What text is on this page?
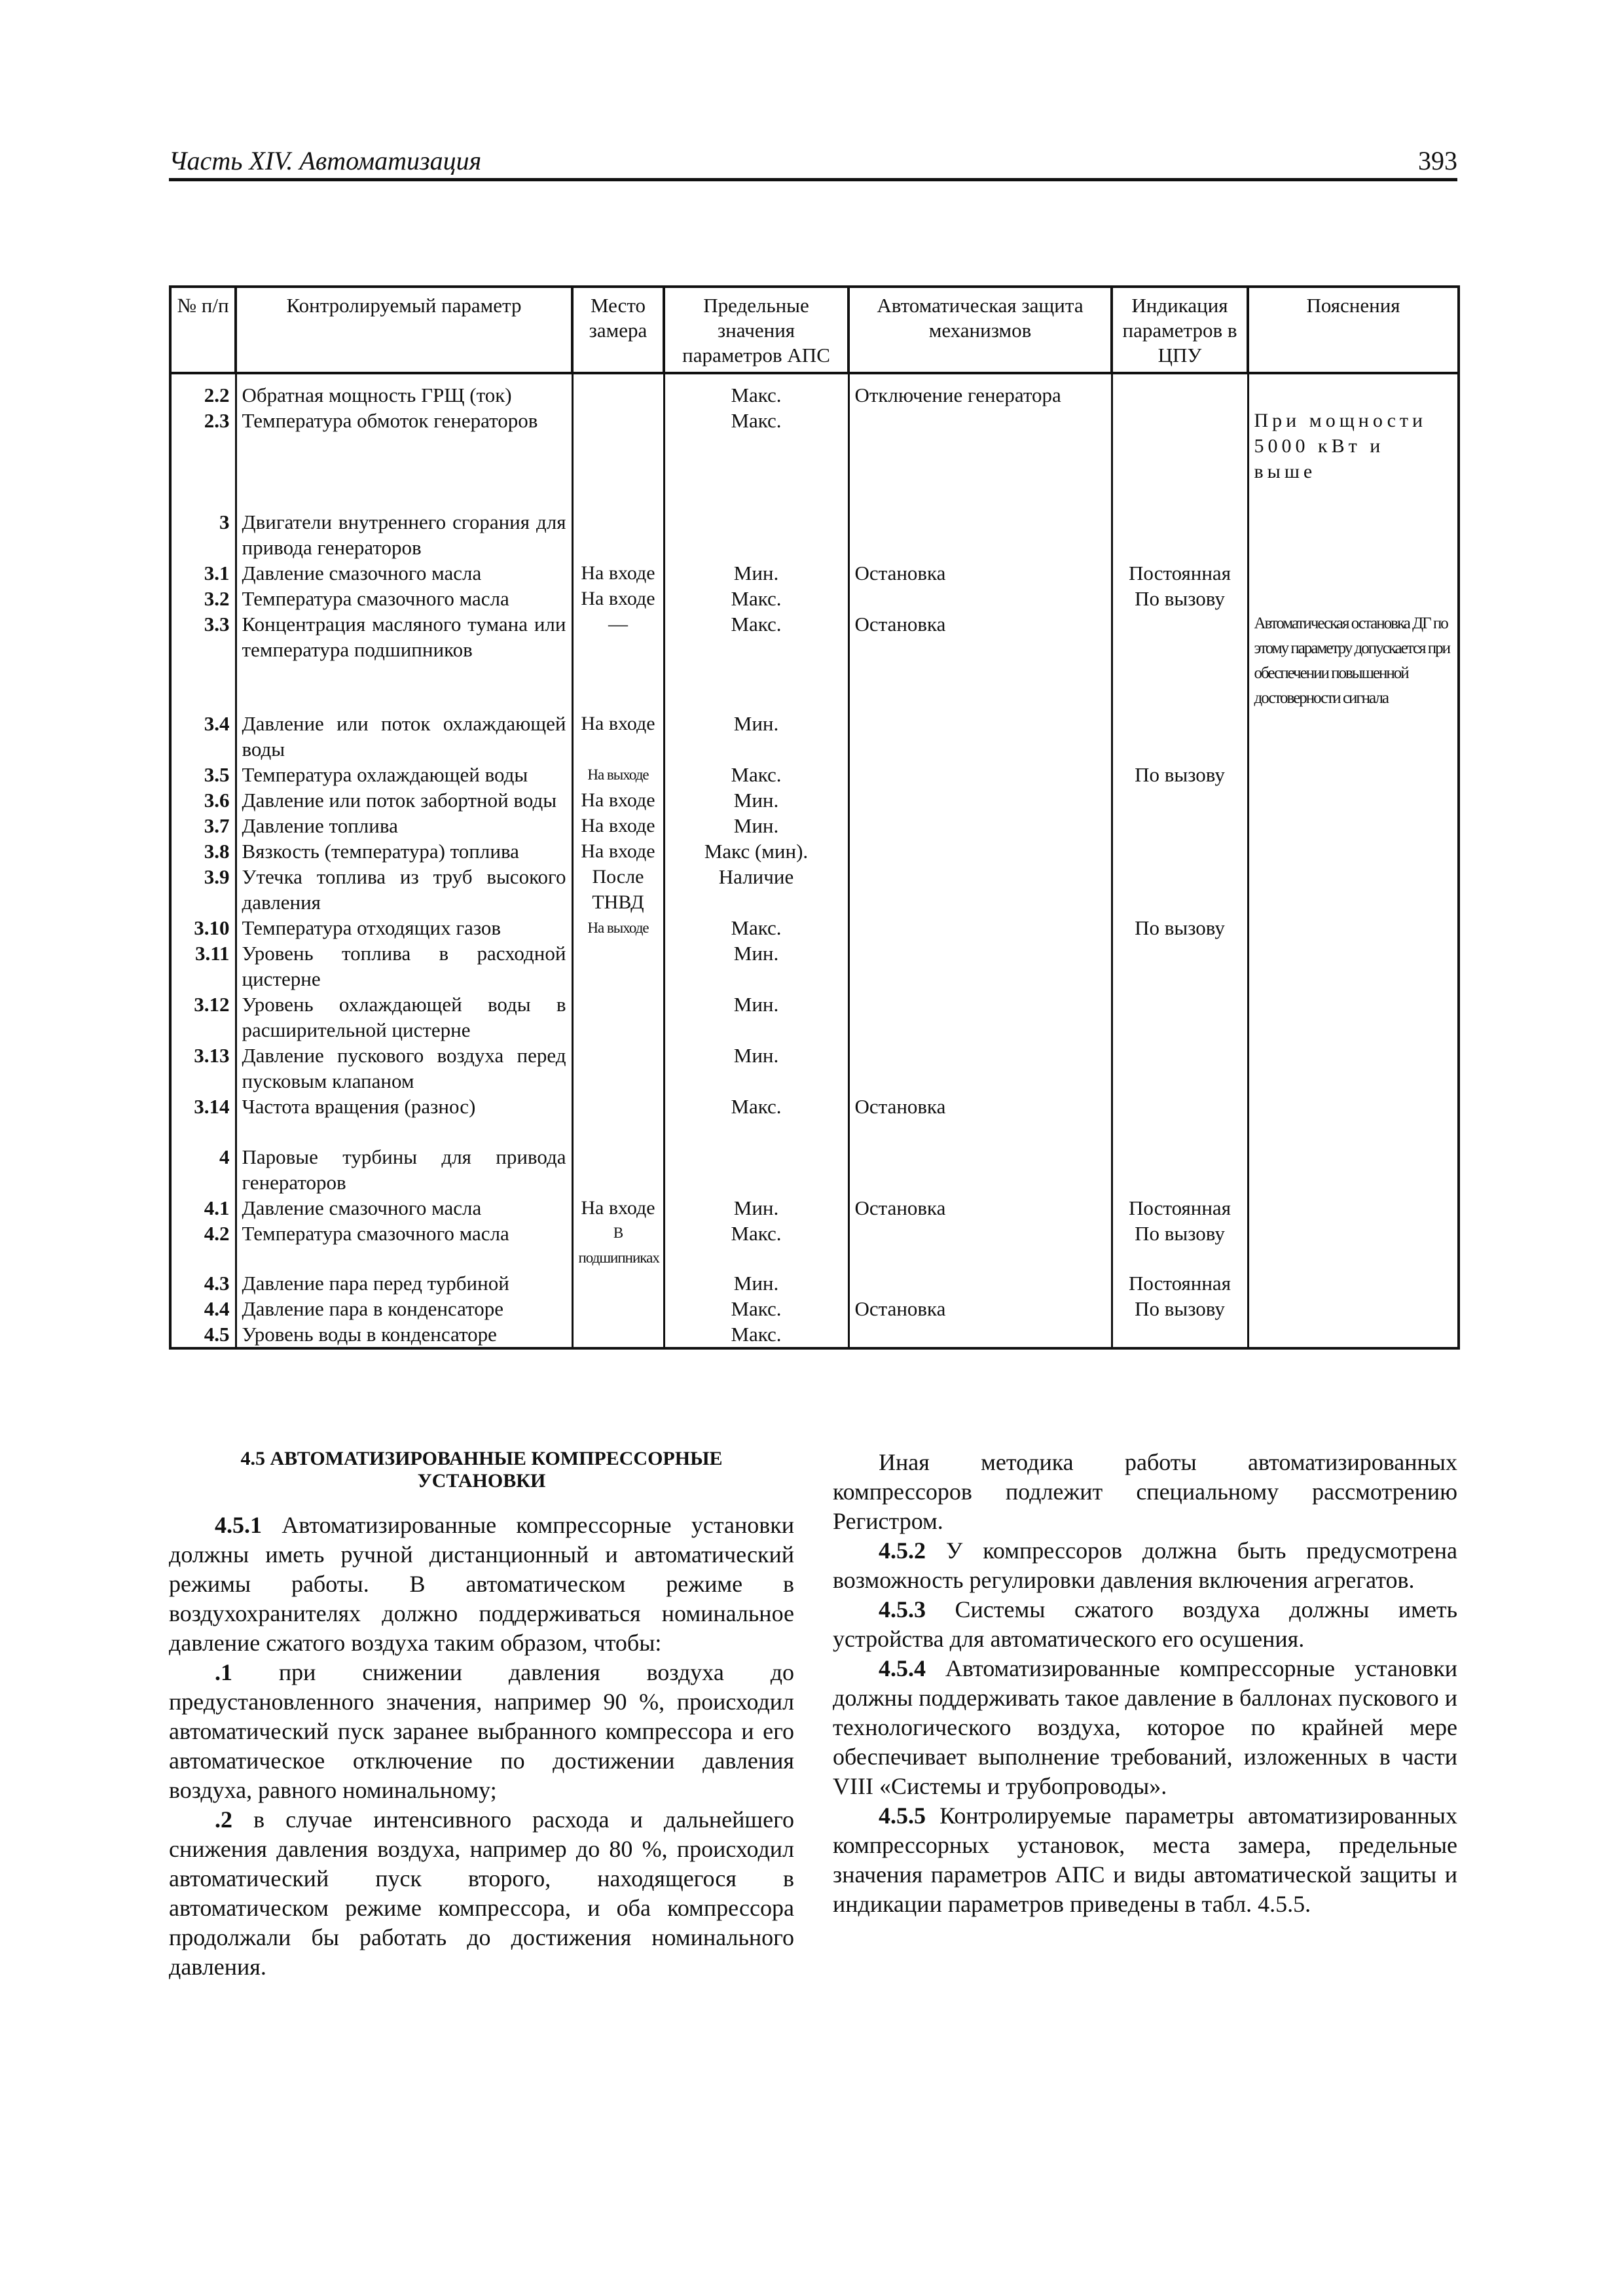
Часть XIV. Автоматизация	393
№ п/п	Контролируемый параметр	Место замера	Предельные значения параметров АПС	Автоматическая защита механизмов	Индикация параметров в ЦПУ	Пояснения

2.2	Обратная мощность ГРЩ (ток)		Макс.	Отключение генератора		
2.3	Температура обмоток генераторов		Макс.			При мощности 5000 кВт и выше

3	Двигатели внутреннего сгорания для привода генераторов					
3.1	Давление смазочного масла	На входе	Мин.	Остановка	Постоянная	
3.2	Температура смазочного масла	На входе	Макс.		По вызову	
3.3	Концентрация масляного тумана или температура подшипников	—	Макс.	Остановка		Автоматическая остановка ДГ по этому параметру допускается при обеспечении повышенной достоверности сигнала
3.4	Давление или поток охлаждающей воды	На входе	Мин.			
3.5	Температура охлаждающей воды	На выходе	Макс.		По вызову	
3.6	Давление или поток забортной воды	На входе	Мин.			
3.7	Давление топлива	На входе	Мин.			
3.8	Вязкость (температура) топлива	На входе	Макс (мин).			
3.9	Утечка топлива из труб высокого давления	После ТНВД	Наличие			
3.10	Температура отходящих газов	На выходе	Макс.		По вызову	
3.11	Уровень топлива в расходной цистерне		Мин.			
3.12	Уровень охлаждающей воды в расширительной цистерне		Мин.			
3.13	Давление пускового воздуха перед пусковым клапаном		Мин.			
3.14	Частота вращения (разнос)		Макс.	Остановка		

4	Паровые турбины для привода генераторов					
4.1	Давление смазочного масла	На входе	Мин.	Остановка	Постоянная	
4.2	Температура смазочного масла	В подшипниках	Макс.		По вызову	
4.3	Давление пара перед турбиной		Мин.		Постоянная	
4.4	Давление пара в конденсаторе		Макс.	Остановка	По вызову	
4.5	Уровень воды в конденсаторе		Макс.			
4.5 АВТОМАТИЗИРОВАННЫЕ КОМПРЕССОРНЫЕ УСТАНОВКИ

4.5.1 Автоматизированные компрессорные установки должны иметь ручной дистанционный и автоматический режимы работы. В автоматическом режиме в воздухохранителях должно поддерживаться номинальное давление сжатого воздуха таким образом, чтобы:

.1 при снижении давления воздуха до предустановленного значения, например 90 %, происходил автоматический пуск заранее выбранного компрессора и его автоматическое отключение по достижении давления воздуха, равного номинальному;

.2 в случае интенсивного расхода и дальнейшего снижения давления воздуха, например до 80 %, происходил автоматический пуск второго, находящегося в автоматическом режиме компрессора, и оба компрессора продолжали бы работать до достижения номинального давления.

Иная методика работы автоматизированных компрессоров подлежит специальному рассмотрению Регистром.

4.5.2 У компрессоров должна быть предусмотрена возможность регулировки давления включения агрегатов.

4.5.3 Системы сжатого воздуха должны иметь устройства для автоматического его осушения.

4.5.4 Автоматизированные компрессорные установки должны поддерживать такое давление в баллонах пускового и технологического воздуха, которое по крайней мере обеспечивает выполнение требований, изложенных в части VIII «Системы и трубопроводы».

4.5.5 Контролируемые параметры автоматизированных компрессорных установок, места замера, предельные значения параметров АПС и виды автоматической защиты и индикации параметров приведены в табл. 4.5.5.
